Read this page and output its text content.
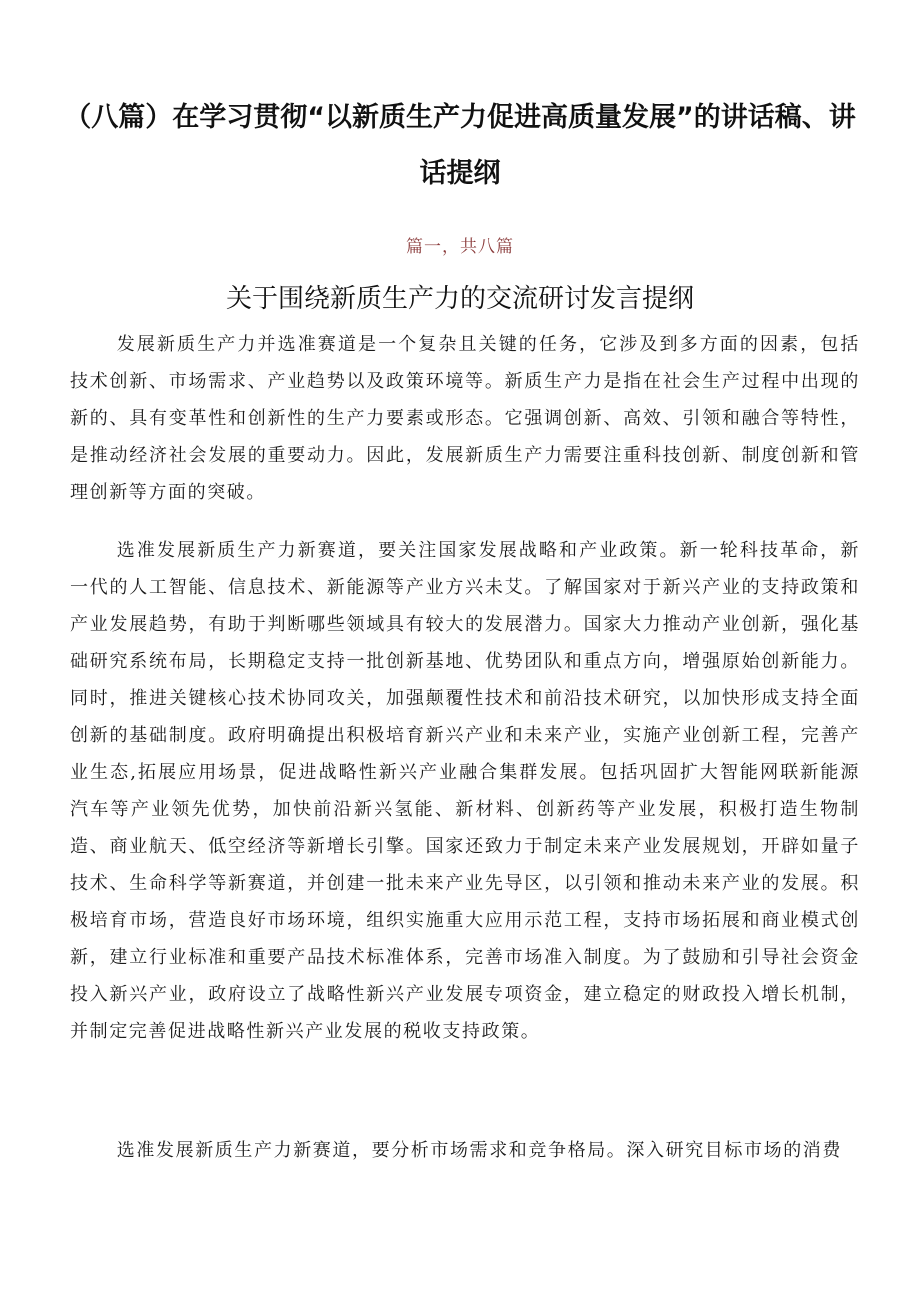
（八篇）在学习贯彻“以新质生产力促进高质量发展”的讲话稿、讲话提纲
篇一，共八篇
关于围绕新质生产力的交流研讨发言提纲

发展新质生产力并选准赛道是一个复杂且关键的任务，它涉及到多方面的因素，包括技术创新、市场需求、产业趋势以及政策环境等。新质生产力是指在社会生产过程中出现的新的、具有变革性和创新性的生产力要素或形态。它强调创新、高效、引领和融合等特性，是推动经济社会发展的重要动力。因此，发展新质生产力需要注重科技创新、制度创新和管理创新等方面的突破。

选准发展新质生产力新赛道，要关注国家发展战略和产业政策。新一轮科技革命，新一代的人工智能、信息技术、新能源等产业方兴未艾。了解国家对于新兴产业的支持政策和产业发展趋势，有助于判断哪些领域具有较大的发展潜力。国家大力推动产业创新，强化基础研究系统布局，长期稳定支持一批创新基地、优势团队和重点方向，增强原始创新能力。同时，推进关键核心技术协同攻关，加强颠覆性技术和前沿技术研究，以加快形成支持全面创新的基础制度。政府明确提出积极培育新兴产业和未来产业，实施产业创新工程，完善产业生态,拓展应用场景，促进战略性新兴产业融合集群发展。包括巩固扩大智能网联新能源汽车等产业领先优势，加快前沿新兴氢能、新材料、创新药等产业发展，积极打造生物制造、商业航天、低空经济等新增长引擎。国家还致力于制定未来产业发展规划，开辟如量子技术、生命科学等新赛道，并创建一批未来产业先导区，以引领和推动未来产业的发展。积极培育市场，营造良好市场环境，组织实施重大应用示范工程，支持市场拓展和商业模式创新，建立行业标准和重要产品技术标准体系，完善市场准入制度。为了鼓励和引导社会资金投入新兴产业，政府设立了战略性新兴产业发展专项资金，建立稳定的财政投入增长机制，并制定完善促进战略性新兴产业发展的税收支持政策。

选准发展新质生产力新赛道，要分析市场需求和竞争格局。深入研究目标市场的消费
